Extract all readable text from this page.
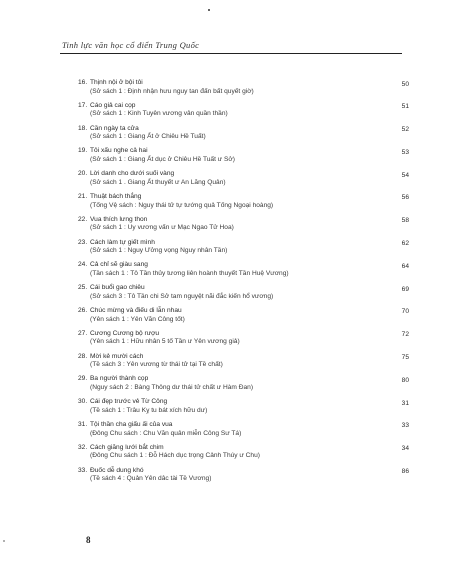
Tinh lực văn học cổ điển Trung Quốc
16. Thịnh nội ở bội tôi
(Sở sách 1 : Định nhận hưu nguy tan đấn bất quyết giờ)
50
17. Cáo giả cai cọp
(Sở sách 1 : Kinh Tuyên vương vân quần thần)
51
18. Cần ngày ta cửa
(Sở sách 1 : Giang Ất ở Chiêu Hề Tuất)
52
19. Tôi xấu nghe cả hai
(Sở sách 1 : Giang Ất dục ở Chiêu Hề Tuất ư Sở)
53
20. Lời danh cho dưới suối vàng
(Sở sách 1 . Giang Ất thuyết ư An Lăng Quân)
54
21. Thuật bách thắng
(Tống Vệ sách : Nguy thái tử tự tướng quả Tống Ngoại hoàng)
56
22. Vua thích lưng thon
(Sở sách 1 : Uy vương vấn ư Mạc Ngao Tử Hoa)
58
23. Cách làm tự giết mình
(Sở sách 1 : Nguy Ưởng vọng Nguy nhân Tần)
62
24. Cả chỉ sẽ giàu sang
(Tần sách 1 : Tô Tần thủy tương liên hoành thuyết Tần Huệ Vương)
64
25. Cái buổi gao chiêu
(Sở sách 3 : Tô Tần chi Sở tam nguyệt nãi đắc kiến hổ vương)
69
26. Chúc mừng và điếu di lẫn nhau
(Yên sách 1 : Yên Văn Công tốt)
70
27. Cương Cương bộ rượu
(Yên sách 1 : Hữu nhân 5 tố Tần ư Yên vương giả)
72
28. Mời kẻ mười cách
(Tề sách 3 : Yên vương từ thái tử tại Tề chất)
75
29. Ba người thành cọp
(Nguy sách 2 : Bàng Thông dư thái tử chất ư Hàm Đan)
80
30. Cái đẹp trước vẻ Từ Công
(Tề sách 1 : Trâu Kỵ tu bát xích hữu dư)
31
31. Tội thần cha giấu ấi của vua
(Đông Chu sách : Chu Văn quân miễn Công Sư Tá)
33
32. Cách giăng lưới bắt chim
(Đông Chu sách 1 : Đỗ Hách dục trọng Cảnh Thúy ư Chu)
34
33. Đuốc dễ dung khó
(Tề sách 4 : Quản Yên dâc tài Tề Vương)
86
8
